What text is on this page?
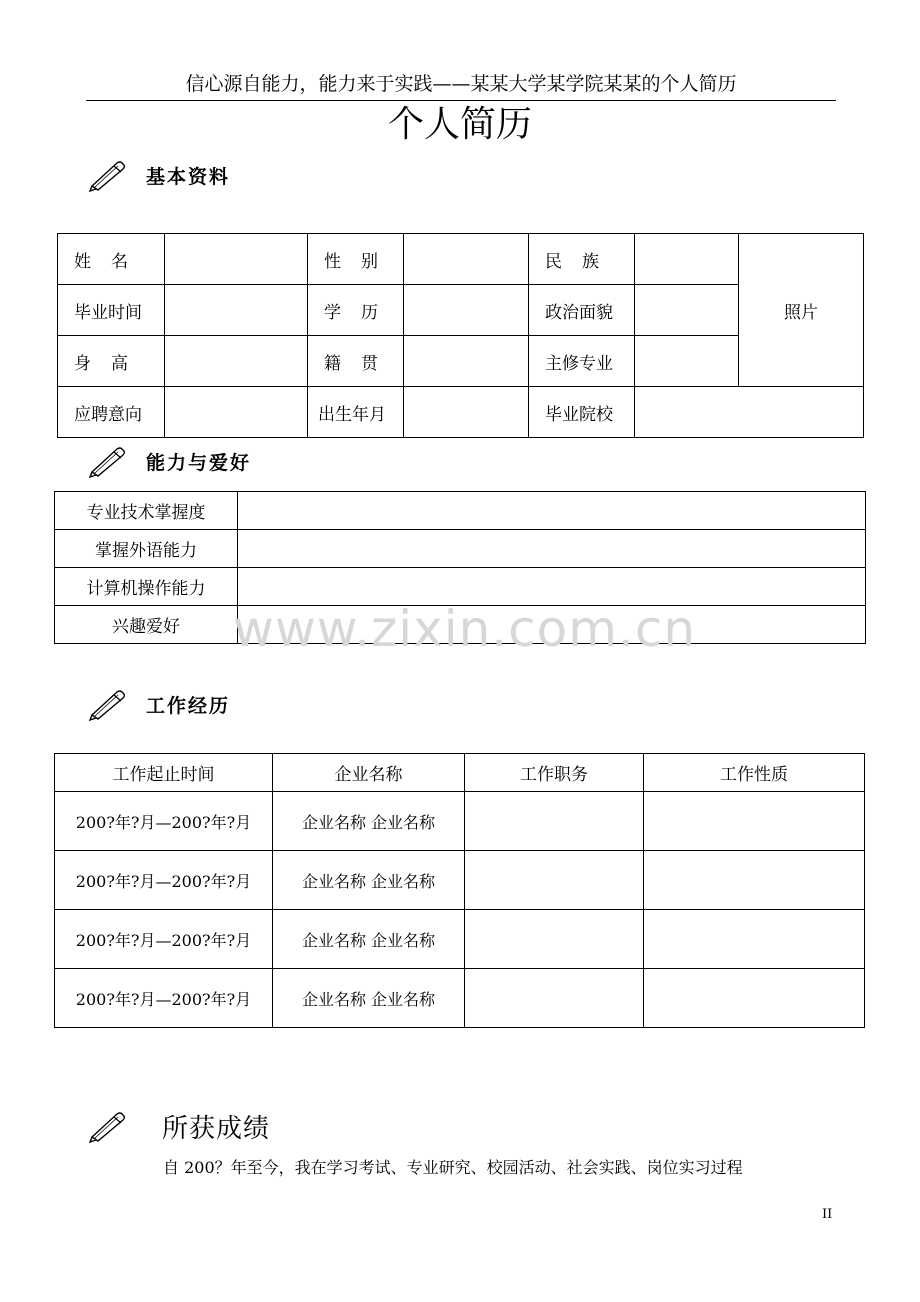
信心源自能力，能力来于实践——某某大学某学院某某的个人简历
个人简历
基本资料
姓 名		性 别		民 族		照片
毕业时间		学 历		政治面貌		

身 高		籍 贯		主修专业		
应聘意向		出生年月		毕业院校		
能力与爱好
专业技术掌握度	
掌握外语能力	
计算机操作能力	
兴趣爱好	www.zixin.com.cn
工作经历
工作起止时间	企业名称	工作职务	工作性质
200?年?月—200?年?月	企业名称 企业名称		
200?年?月—200?年?月	企业名称 企业名称		
200?年?月—200?年?月	企业名称 企业名称		
200?年?月—200?年?月	企业名称 企业名称		
所获成绩
自 200？年至今，我在学习考试、专业研究、校园活动、社会实践、岗位实习过程
II
